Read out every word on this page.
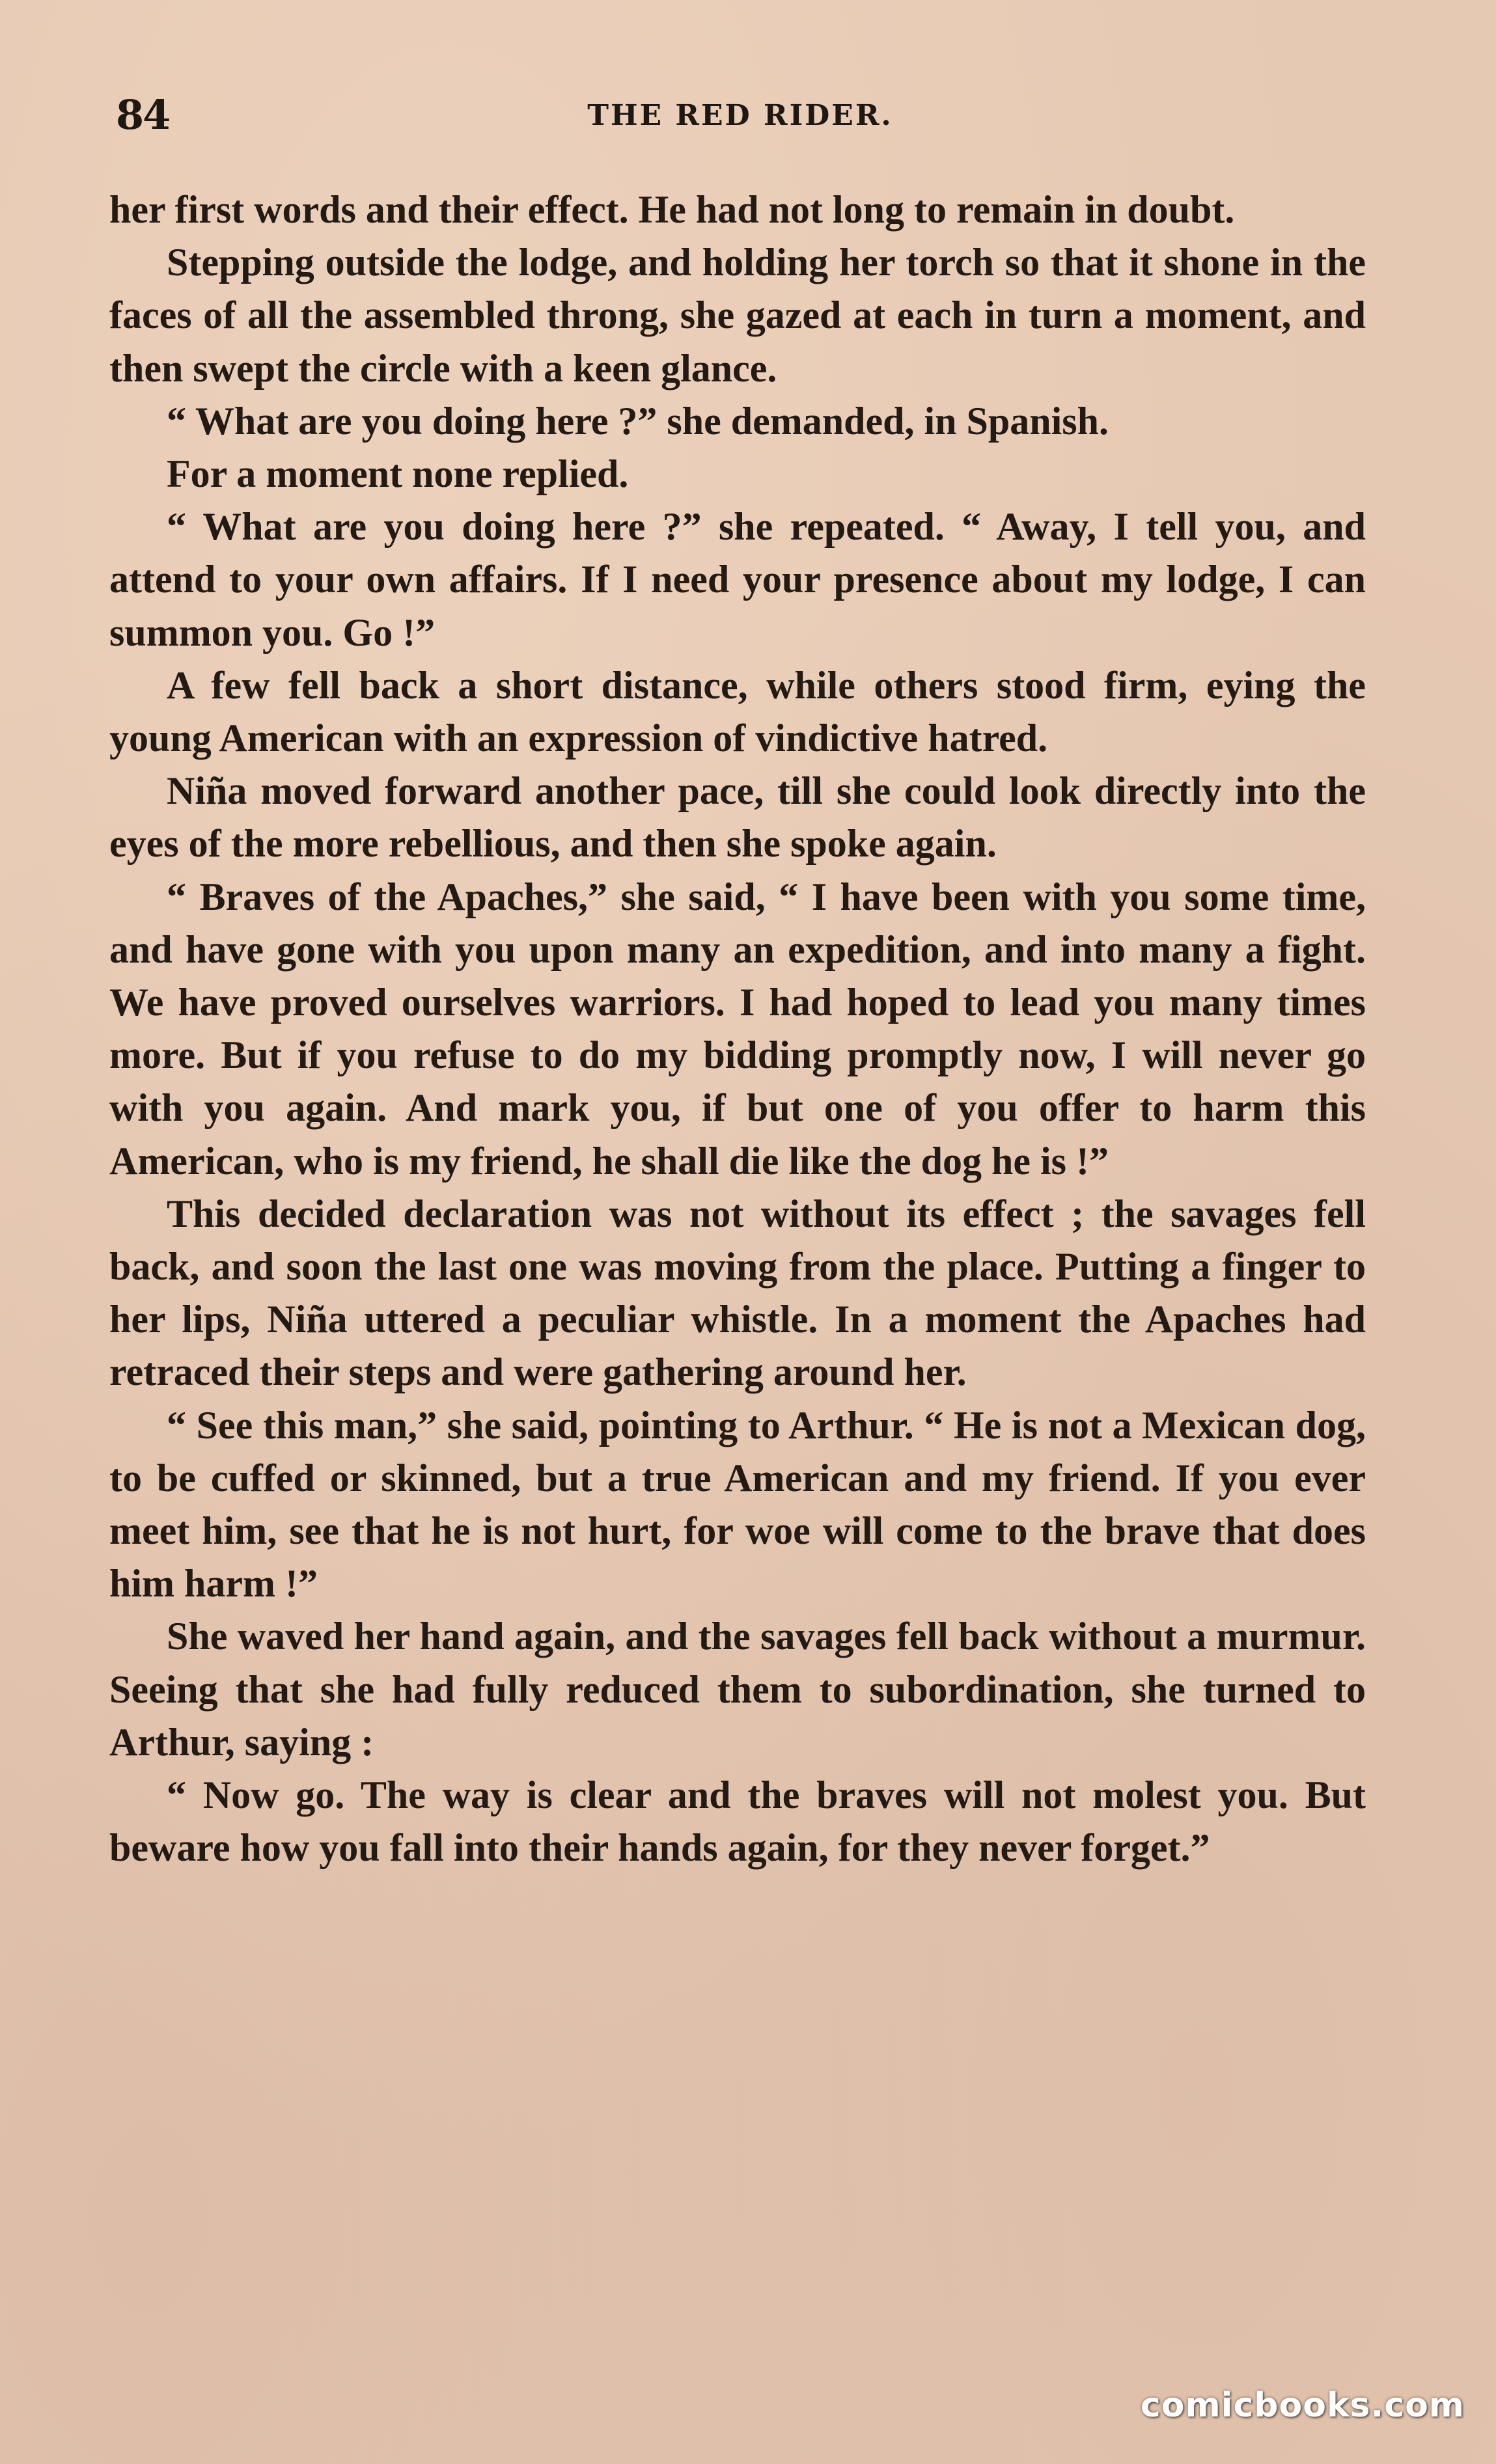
84	THE RED RIDER.

her first words and their effect. He had not long to remain in doubt.

Stepping outside the lodge, and holding her torch so that it shone in the faces of all the assembled throng, she gazed at each in turn a moment, and then swept the circle with a keen glance.

“ What are you doing here ?” she demanded, in Spanish.

For a moment none replied.

“ What are you doing here ?” she repeated. “ Away, I tell you, and attend to your own affairs. If I need your presence about my lodge, I can summon you. Go !”

A few fell back a short distance, while others stood firm, eying the young American with an expression of vindictive hatred.

Niña moved forward another pace, till she could look directly into the eyes of the more rebellious, and then she spoke again.

“ Braves of the Apaches,” she said, “ I have been with you some time, and have gone with you upon many an expedition, and into many a fight. We have proved ourselves warriors. I had hoped to lead you many times more. But if you refuse to do my bidding promptly now, I will never go with you again. And mark you, if but one of you offer to harm this American, who is my friend, he shall die like the dog he is !”

This decided declaration was not without its effect ; the savages fell back, and soon the last one was moving from the place. Putting a finger to her lips, Niña uttered a peculiar whistle. In a moment the Apaches had retraced their steps and were gathering around her.

“ See this man,” she said, pointing to Arthur. “ He is not a Mexican dog, to be cuffed or skinned, but a true American and my friend. If you ever meet him, see that he is not hurt, for woe will come to the brave that does him harm !”

She waved her hand again, and the savages fell back without a murmur. Seeing that she had fully reduced them to subordination, she turned to Arthur, saying :

“ Now go. The way is clear and the braves will not molest you. But beware how you fall into their hands again, for they never forget.”

comicbooks.com
